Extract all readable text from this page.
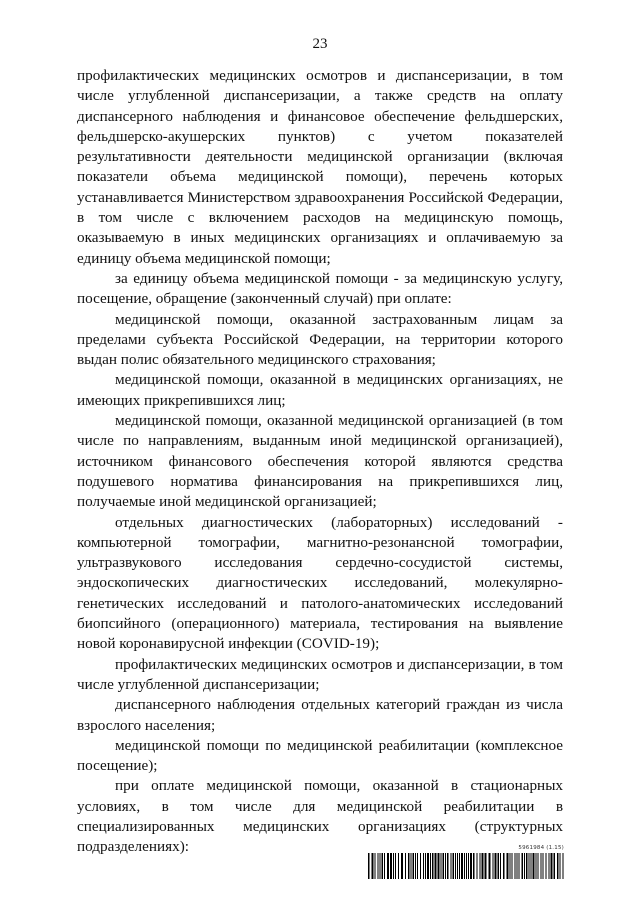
23

профилактических медицинских осмотров и диспансеризации, в том числе углубленной диспансеризации, а также средств на оплату диспансерного наблюдения и финансовое обеспечение фельдшерских, фельдшерско-акушерских пунктов) с учетом показателей результативности деятельности медицинской организации (включая показатели объема медицинской помощи), перечень которых устанавливается Министерством здравоохранения Российской Федерации, в том числе с включением расходов на медицинскую помощь, оказываемую в иных медицинских организациях и оплачиваемую за единицу объема медицинской помощи;

за единицу объема медицинской помощи - за медицинскую услугу, посещение, обращение (законченный случай) при оплате:

медицинской помощи, оказанной застрахованным лицам за пределами субъекта Российской Федерации, на территории которого выдан полис обязательного медицинского страхования;

медицинской помощи, оказанной в медицинских организациях, не имеющих прикрепившихся лиц;

медицинской помощи, оказанной медицинской организацией (в том числе по направлениям, выданным иной медицинской организацией), источником финансового обеспечения которой являются средства подушевого норматива финансирования на прикрепившихся лиц, получаемые иной медицинской организацией;

отдельных диагностических (лабораторных) исследований - компьютерной томографии, магнитно-резонансной томографии, ультразвукового исследования сердечно-сосудистой системы, эндоскопических диагностических исследований, молекулярно-генетических исследований и патолого-анатомических исследований биопсийного (операционного) материала, тестирования на выявление новой коронавирусной инфекции (COVID-19);

профилактических медицинских осмотров и диспансеризации, в том числе углубленной диспансеризации;

диспансерного наблюдения отдельных категорий граждан из числа взрослого населения;

медицинской помощи по медицинской реабилитации (комплексное посещение);

при оплате медицинской помощи, оказанной в стационарных условиях, в том числе для медицинской реабилитации в специализированных медицинских организациях (структурных подразделениях):	5961984 (1.15)
